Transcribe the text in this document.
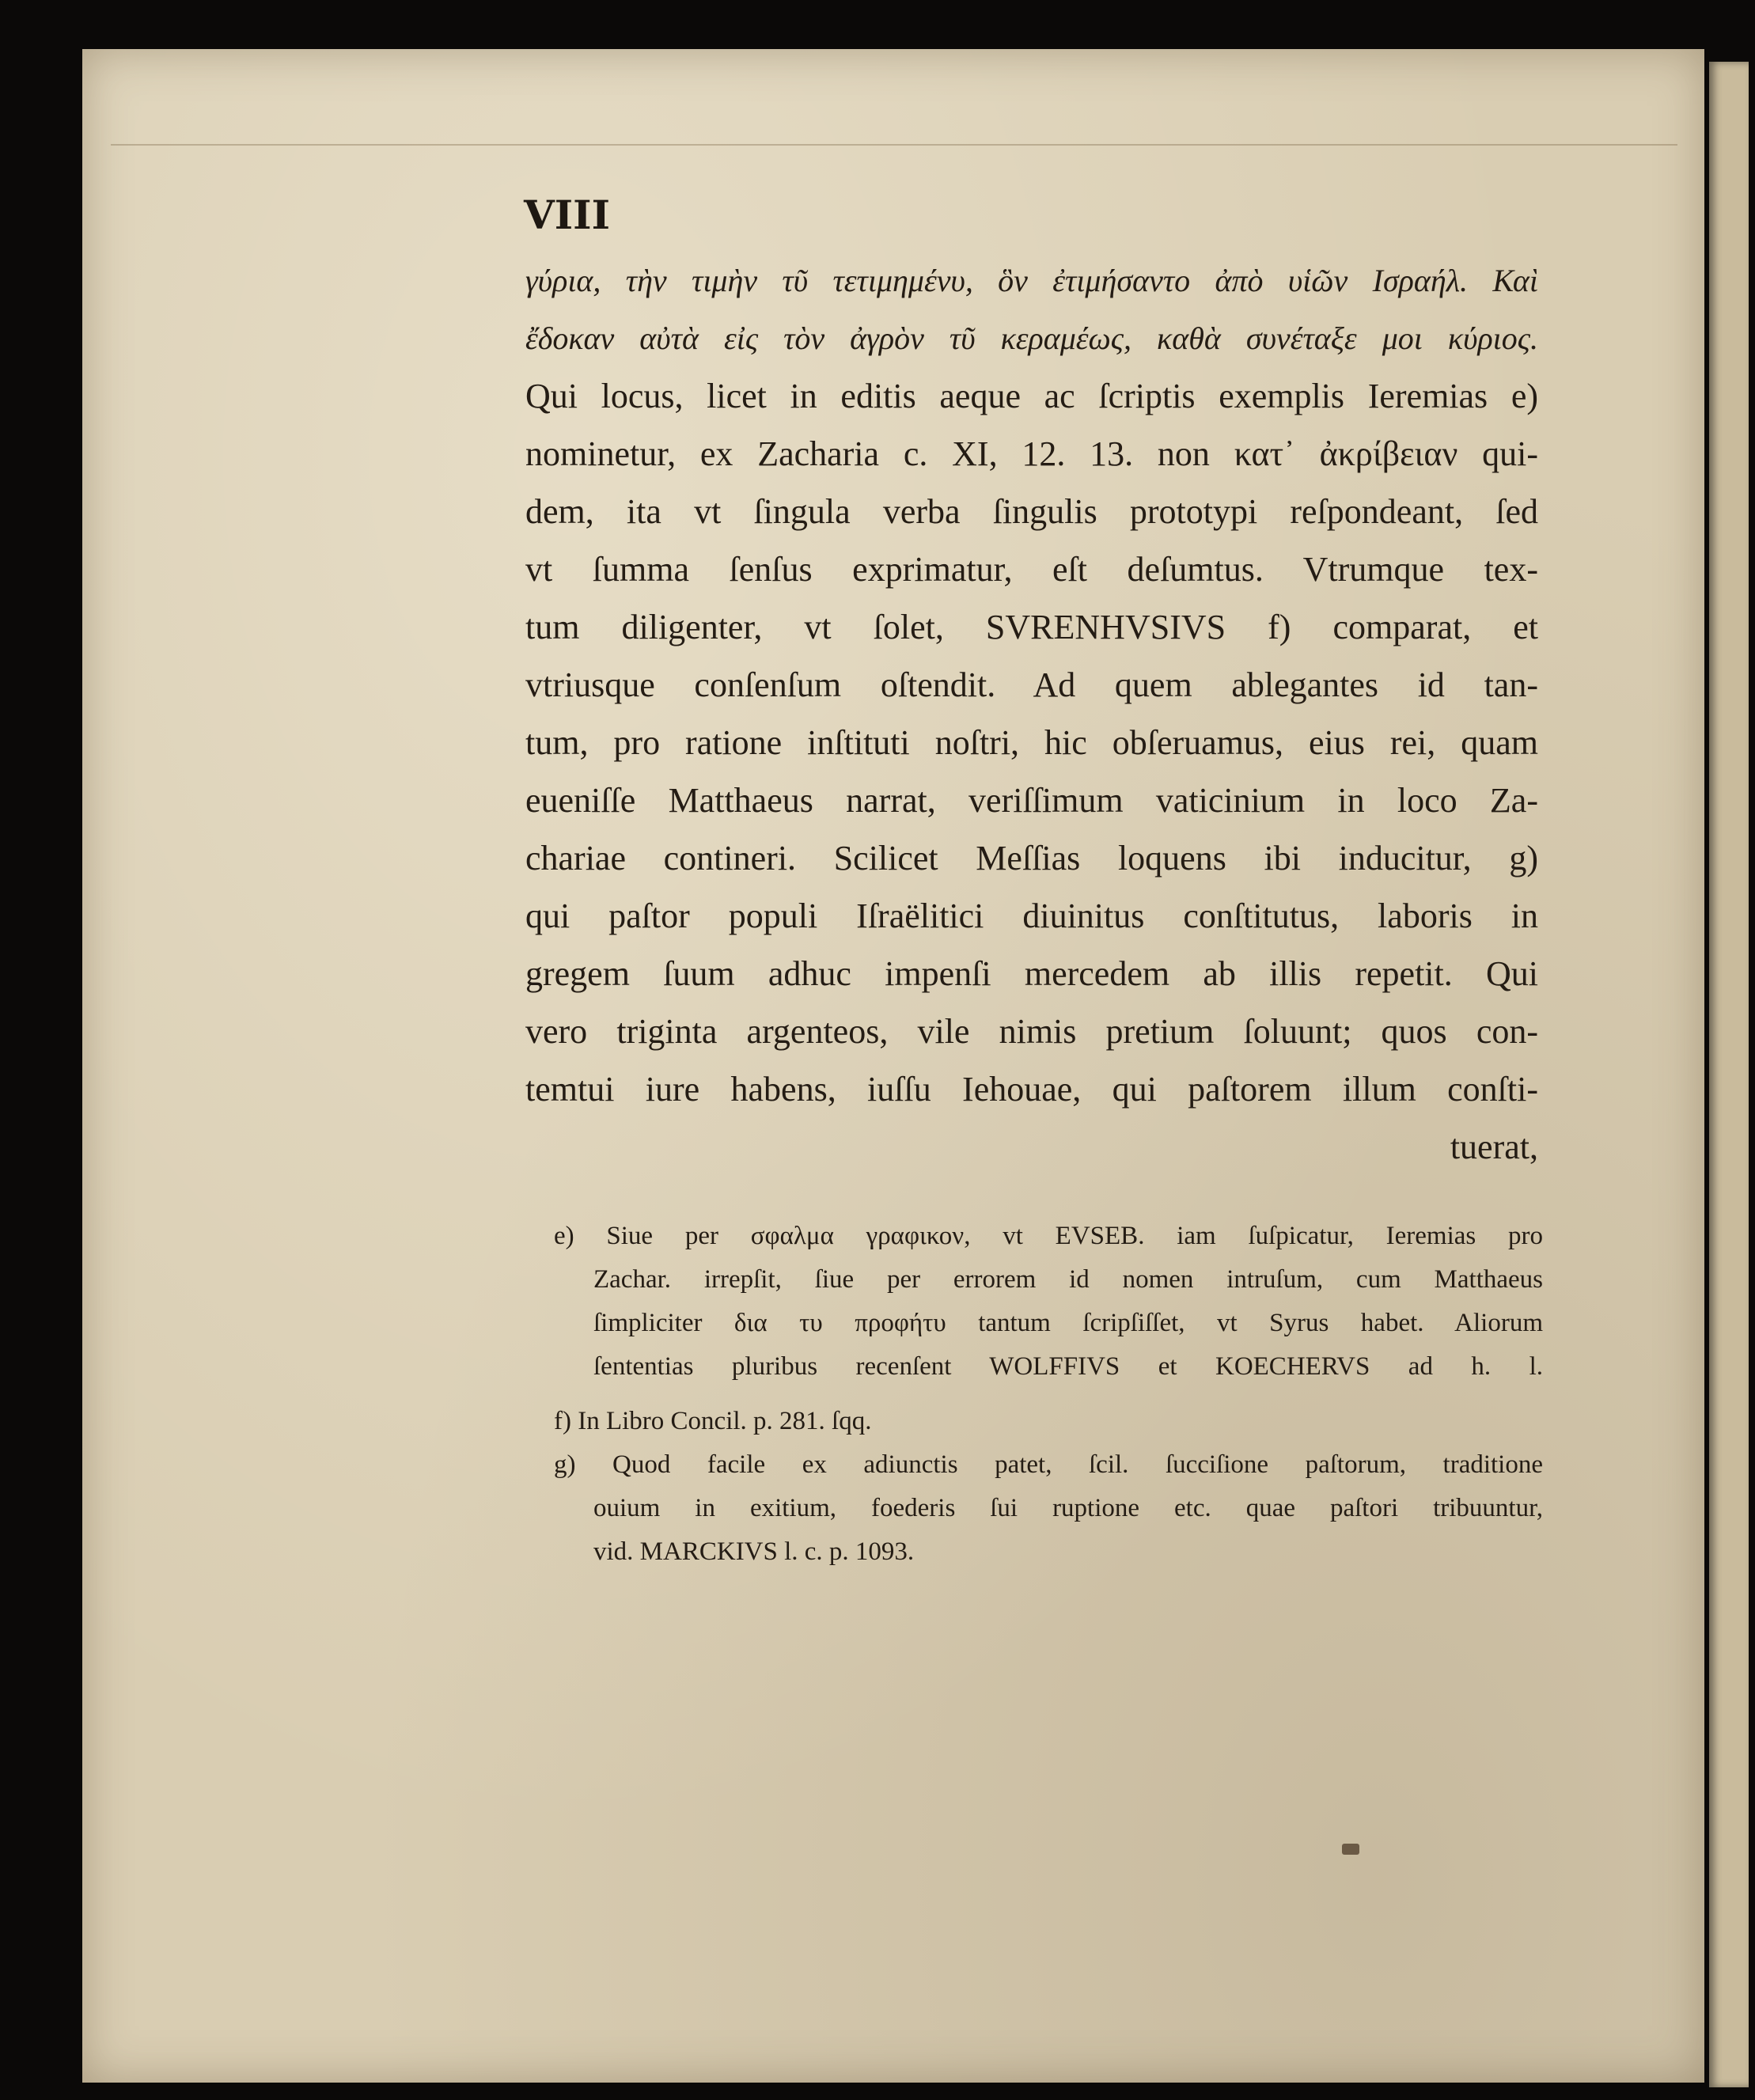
VIII

γύρια, τὴν τιμὴν τῦ τετιμημένυ, ὃν ἐτιμήσαντο ἀπὸ υἱῶν Ισραήλ. Καὶ

ἔδοκαν αὐτὰ εἰς τὸν ἀγρὸν τῦ κεραμέως, καθὰ συνέταξε μοι κύριος.

Qui locus, licet in editis aeque ac ſcriptis exemplis Ieremias e)

nominetur, ex Zacharia c. XI, 12. 13. non κατ᾽ ἀκρίβειαν qui-

dem, ita vt ſingula verba ſingulis prototypi reſpondeant, ſed

vt ſumma ſenſus exprimatur, eſt deſumtus. Vtrumque tex-

tum diligenter, vt ſolet, SVRENHVSIVS f) comparat, et

vtriusque conſenſum oſtendit. Ad quem ablegantes id tan-

tum, pro ratione inſtituti noſtri, hic obſeruamus, eius rei, quam

eueniſſe Matthaeus narrat, veriſſimum vaticinium in loco Za-

chariae contineri. Scilicet Meſſias loquens ibi inducitur, g)

qui paſtor populi Iſraëlitici diuinitus conſtitutus, laboris in

gregem ſuum adhuc impenſi mercedem ab illis repetit. Qui

vero triginta argenteos, vile nimis pretium ſoluunt; quos con-

temtui iure habens, iuſſu Iehouae, qui paſtorem illum conſti-

tuerat,

e) Siue per σφαλμα γραφικον, vt EVSEB. iam ſuſpicatur, Ieremias pro

Zachar. irrepſit, ſiue per errorem id nomen intruſum, cum Matthaeus

ſimpliciter δια τυ προφήτυ tantum ſcripſiſſet, vt Syrus habet. Aliorum

ſententias pluribus recenſent WOLFFIVS et KOECHERVS ad h. l.

f) In Libro Concil. p. 281. ſqq.

g) Quod facile ex adiunctis patet, ſcil. ſucciſione paſtorum, traditione

ouium in exitium, foederis ſui ruptione etc. quae paſtori tribuuntur,

vid. MARCKIVS l. c. p. 1093.
